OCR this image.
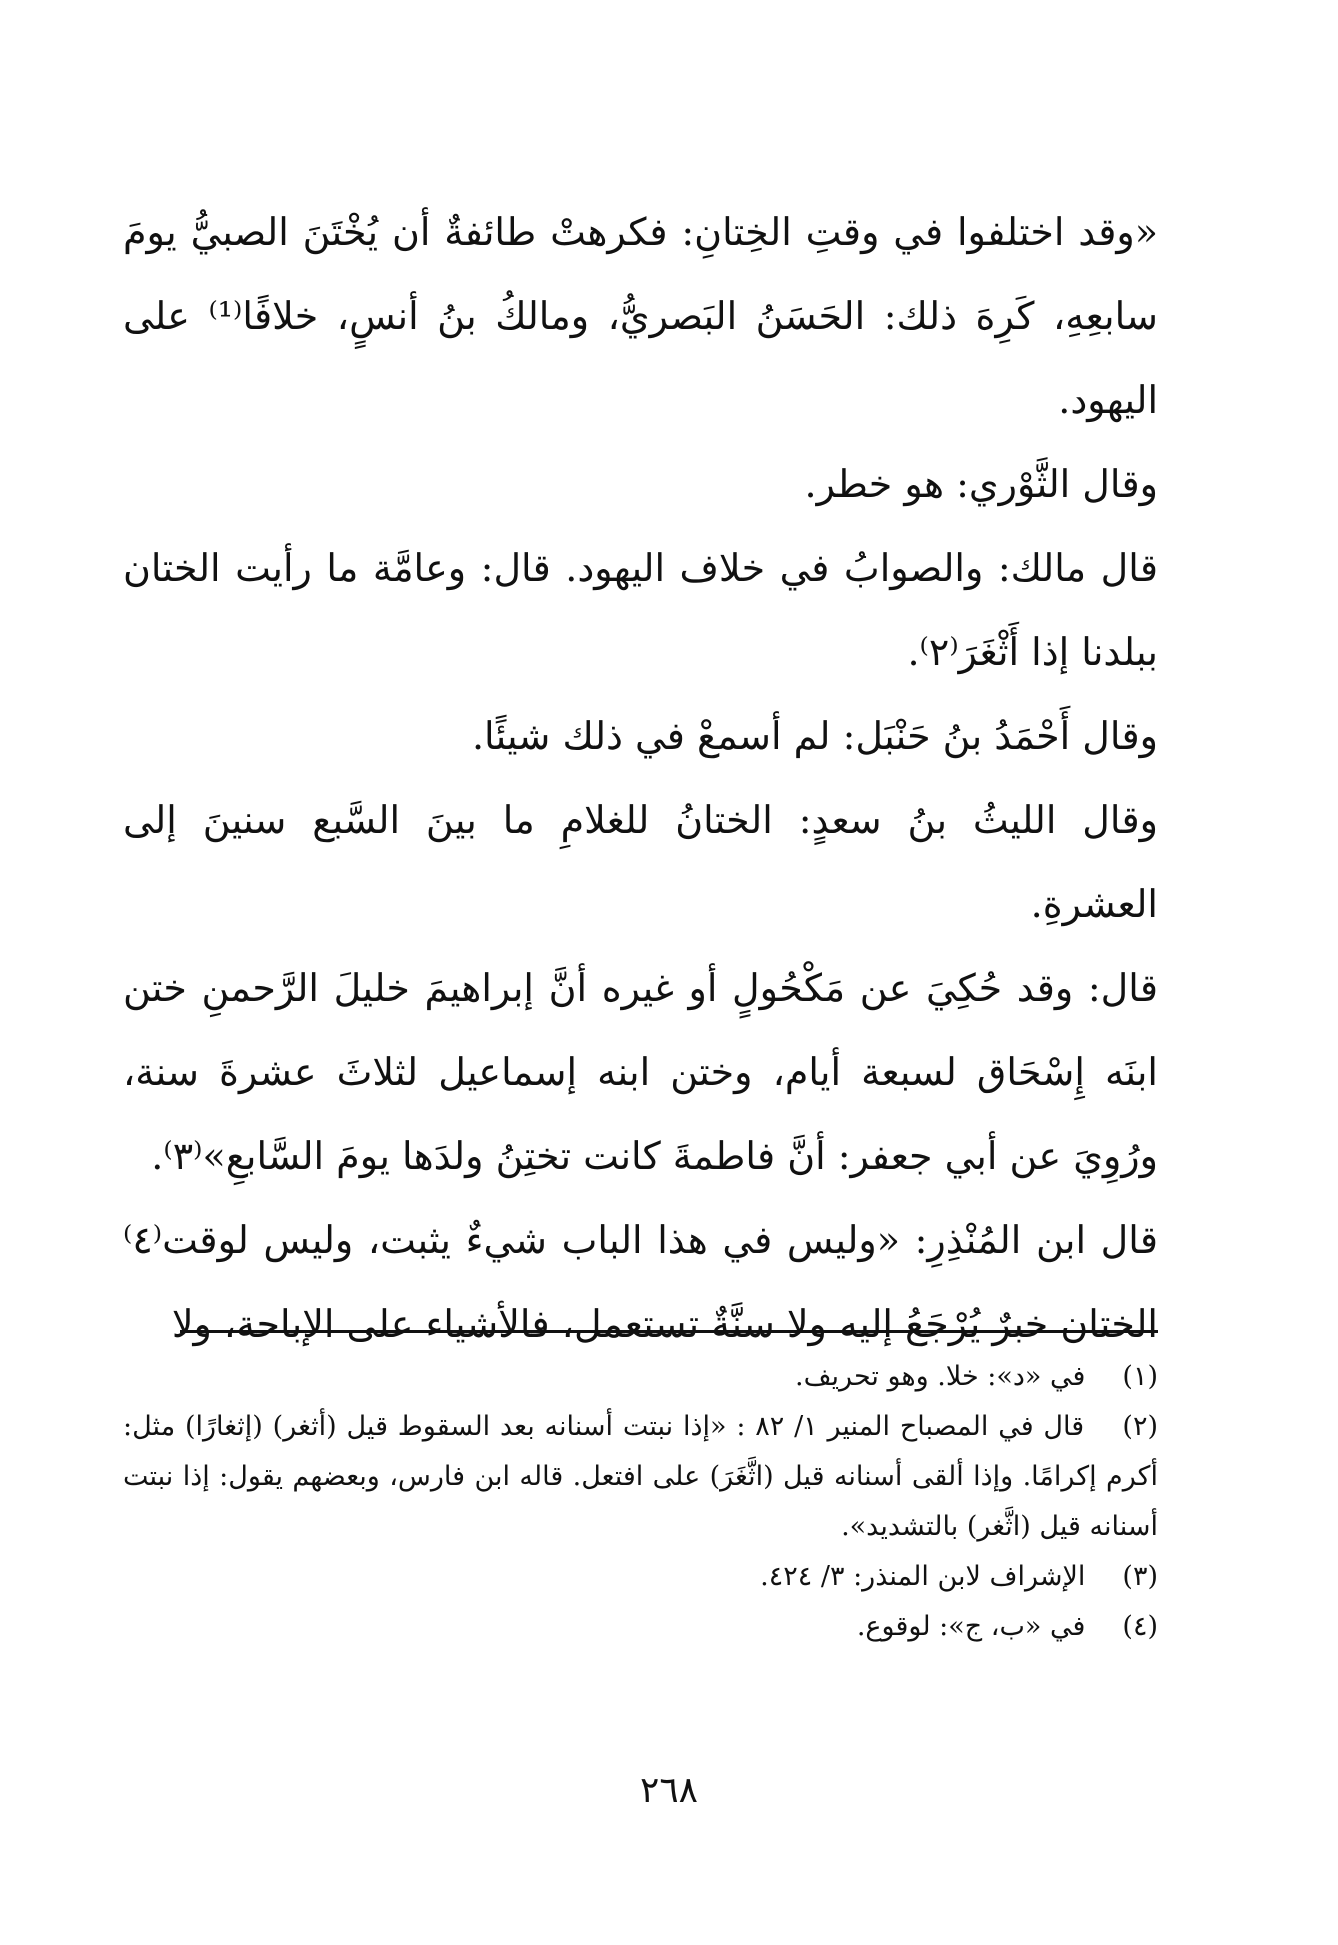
«وقد اختلفوا في وقتِ الخِتانِ: فكرهتْ طائفةٌ أن يُخْتَنَ الصبيُّ يومَ سابعِهِ، كَرِهَ ذلك: الحَسَنُ البَصريُّ، ومالكُ بنُ أنسٍ، خلافًا⁽¹⁾ على اليهود.

وقال الثَّوْري: هو خطر.

قال مالك: والصوابُ في خلاف اليهود. قال: وعامَّة ما رأيت الختان ببلدنا إذا أَثْغَرَ⁽٢⁾.

وقال أَحْمَدُ بنُ حَنْبَل: لم أسمعْ في ذلك شيئًا.

وقال الليثُ بنُ سعدٍ: الختانُ للغلامِ ما بينَ السَّبع سنينَ إلى العشرةِ.

قال: وقد حُكِيَ عن مَكْحُولٍ أو غيره أنَّ إبراهيمَ خليلَ الرَّحمنِ ختن ابنَه إِسْحَاق لسبعة أيام، وختن ابنه إسماعيل لثلاثَ عشرةَ سنة، ورُوِيَ عن أبي جعفر: أنَّ فاطمةَ كانت تختِنُ ولدَها يومَ السَّابعِ»⁽٣⁾.

قال ابن المُنْذِرِ: «وليس في هذا الباب شيءٌ يثبت، وليس لوقت⁽٤⁾ الختان خبرٌ يُرْجَعُ إليه ولا سنَّةٌ تستعمل، فالأشياء على الإباحة، ولا

(١) في «د»: خلا. وهو تحريف.

(٢) قال في المصباح المنير ١/ ٨٢ : «إذا نبتت أسنانه بعد السقوط قيل (أثغر) (إثغارًا) مثل: أكرم إكرامًا. وإذا ألقى أسنانه قيل (اثَّغَرَ) على افتعل. قاله ابن فارس، وبعضهم يقول: إذا نبتت أسنانه قيل (اثَّغر) بالتشديد».

(٣) الإشراف لابن المنذر: ٣/ ٤٢٤.

(٤) في «ب، ج»: لوقوع.

٢٦٨
